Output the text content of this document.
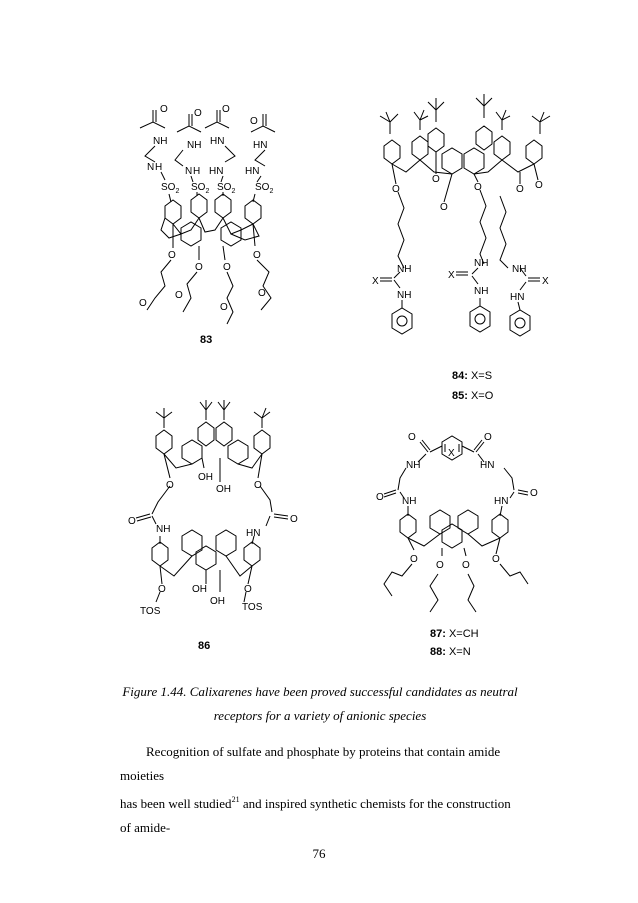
O	O O
O
NH NH HN	HN
N H N H HN HN
$SO_2$ $SO_2$ $SO_2$ $SO_2$
O
O O
O
O
O
O
O
83
O
O
O
O	O O
NH
X
NH
NH
X
NH
NH
X
HN
84: X=S
85: X=O
OH
OH
O	O
O
NH
O
HN
OH
OH
O	O
TOS	TOS
86
O	O
X
NH	HN
O	O
NH	HN
O
O O
O
87: X=CH
88: X=N
Figure 1.44. Calixarenes have been proved successful candidates as neutral
receptors for a variety of anionic species

Recognition of sulfate and phosphate by proteins that contain amide moieties

has been well studied$^{21}$ and inspired synthetic chemists for the construction of amide-

76
